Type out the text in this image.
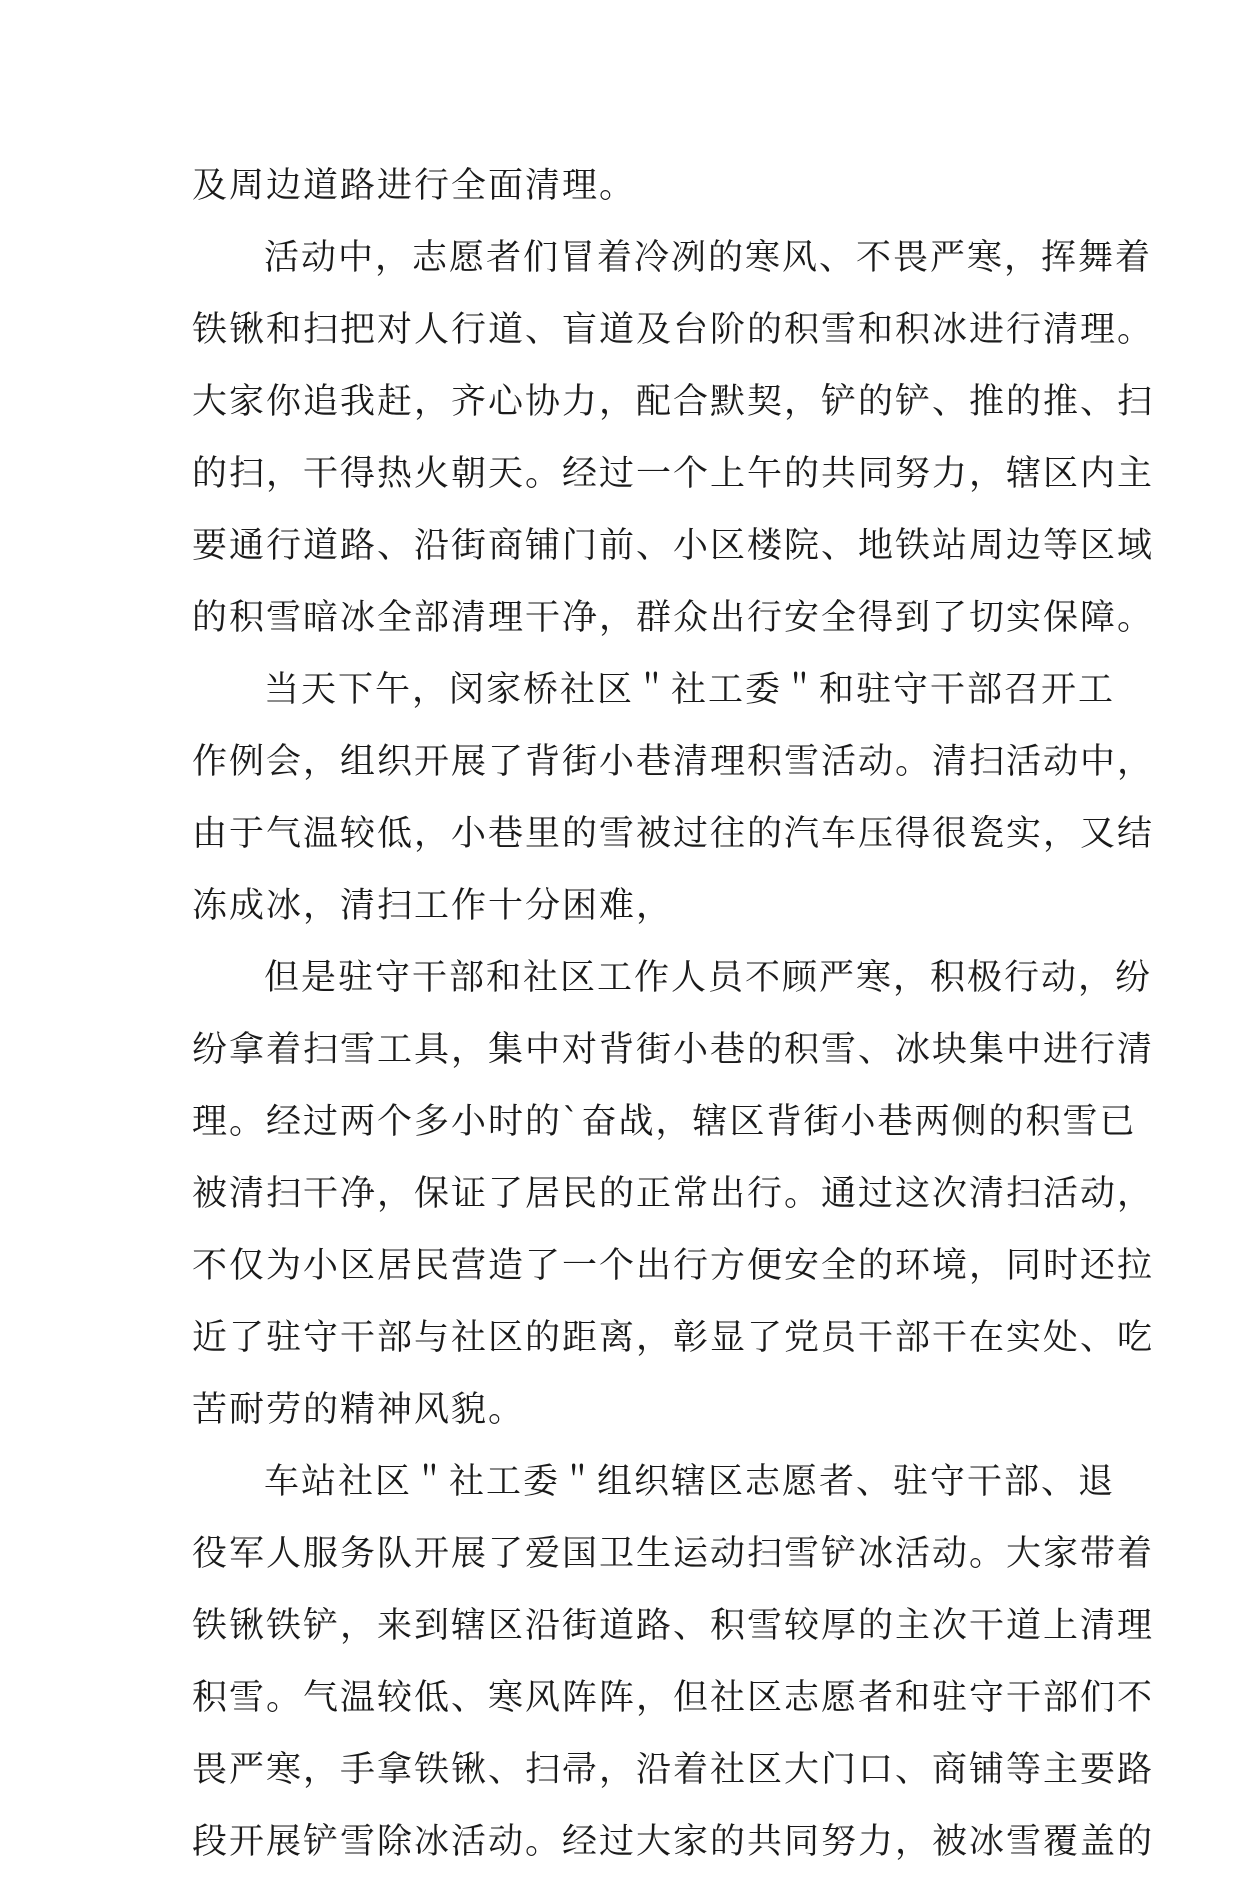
及周边道路进行全面清理。
活动中，志愿者们冒着冷冽的寒风、不畏严寒，挥舞着
铁锹和扫把对人行道、盲道及台阶的积雪和积冰进行清理。
大家你追我赶，齐心协力，配合默契，铲的铲、推的推、扫
的扫，干得热火朝天。经过一个上午的共同努力，辖区内主
要通行道路、沿街商铺门前、小区楼院、地铁站周边等区域
的积雪暗冰全部清理干净，群众出行安全得到了切实保障。
当天下午，闵家桥社区＂社工委＂和驻守干部召开工
作例会，组织开展了背街小巷清理积雪活动。清扫活动中，
由于气温较低，小巷里的雪被过往的汽车压得很瓷实，又结
冻成冰，清扫工作十分困难，
但是驻守干部和社区工作人员不顾严寒，积极行动，纷
纷拿着扫雪工具，集中对背街小巷的积雪、冰块集中进行清
理。经过两个多小时的`奋战，辖区背街小巷两侧的积雪已
被清扫干净，保证了居民的正常出行。通过这次清扫活动，
不仅为小区居民营造了一个出行方便安全的环境，同时还拉
近了驻守干部与社区的距离，彰显了党员干部干在实处、吃
苦耐劳的精神风貌。
车站社区＂社工委＂组织辖区志愿者、驻守干部、退
役军人服务队开展了爱国卫生运动扫雪铲冰活动。大家带着
铁锹铁铲，来到辖区沿街道路、积雪较厚的主次干道上清理
积雪。气温较低、寒风阵阵，但社区志愿者和驻守干部们不
畏严寒，手拿铁锹、扫帚，沿着社区大门口、商铺等主要路
段开展铲雪除冰活动。经过大家的共同努力，被冰雪覆盖的
